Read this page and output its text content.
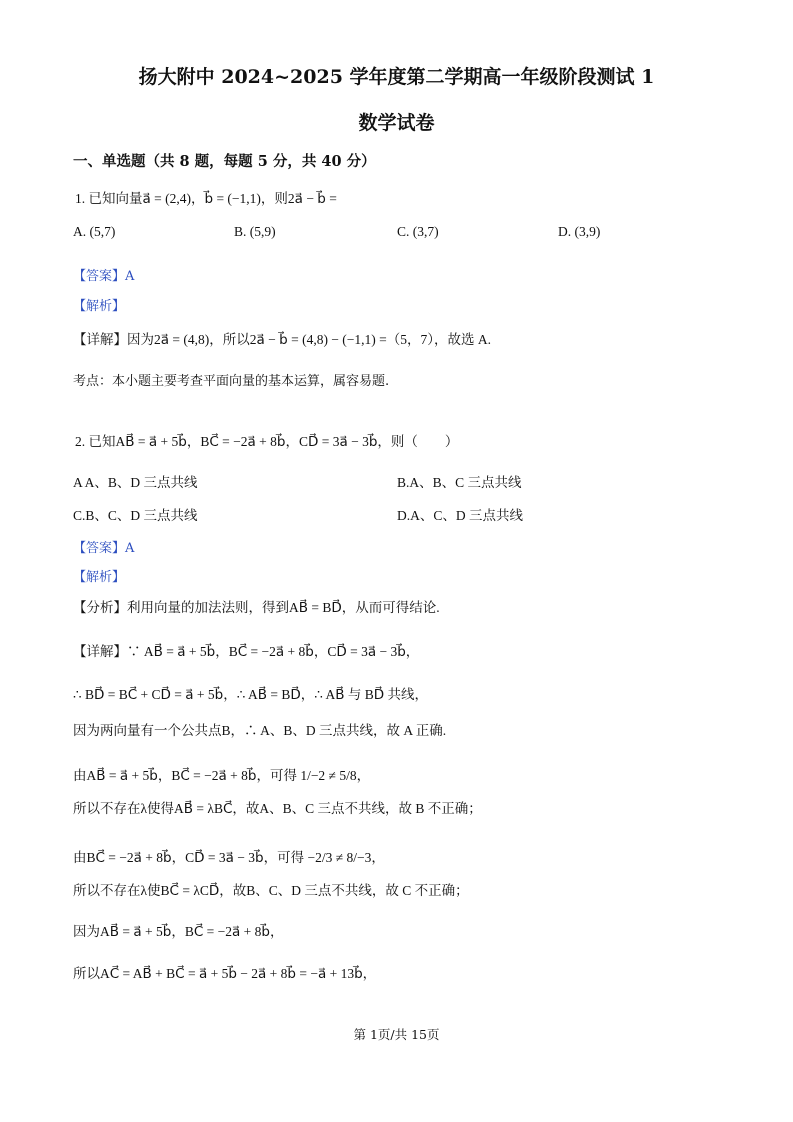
扬大附中 2024~2025 学年度第二学期高一年级阶段测试 1
数学试卷
一、单选题（共 8 题，每题 5 分，共 40 分）
1. 已知向量a⃗ = (2,4)，b⃗ = (−1,1)，则2a⃗ − b⃗ =
A. (5,7)	B. (5,9)	C. (3,7)	D. (3,9)
【答案】A
【解析】
【详解】因为2a⃗ = (4,8)，所以2a⃗ − b⃗ = (4,8) − (−1,1) =（5，7），故选 A.
考点：本小题主要考查平面向量的基本运算，属容易题.
2. 已知AB⃗ = a⃗ + 5b⃗，BC⃗ = −2a⃗ + 8b⃗，CD⃗ = 3a⃗ − 3b⃗，则（　　）
A A、B、D 三点共线	B.A、B、C 三点共线
C.B、C、D 三点共线	D.A、C、D 三点共线
【答案】A
【解析】
【分析】利用向量的加法法则，得到AB⃗ = BD⃗，从而可得结论.
【详解】∵ AB⃗ = a⃗ + 5b⃗，BC⃗ = −2a⃗ + 8b⃗，CD⃗ = 3a⃗ − 3b⃗，
∴ BD⃗ = BC⃗ + CD⃗ = a⃗ + 5b⃗，∴ AB⃗ = BD⃗，∴ AB⃗ 与 BD⃗ 共线，
因为两向量有一个公共点B，∴ A、B、D 三点共线，故 A 正确.
由AB⃗ = a⃗ + 5b⃗，BC⃗ = −2a⃗ + 8b⃗，可得 1/−2 ≠ 5/8，
所以不存在λ使得AB⃗ = λBC⃗，故A、B、C 三点不共线，故 B 不正确；
由BC⃗ = −2a⃗ + 8b⃗，CD⃗ = 3a⃗ − 3b⃗，可得 −2/3 ≠ 8/−3，
所以不存在λ使BC⃗ = λCD⃗，故B、C、D 三点不共线，故 C 不正确；
因为AB⃗ = a⃗ + 5b⃗，BC⃗ = −2a⃗ + 8b⃗，
所以AC⃗ = AB⃗ + BC⃗ = a⃗ + 5b⃗ − 2a⃗ + 8b⃗ = −a⃗ + 13b⃗，
第 1页/共 15页
